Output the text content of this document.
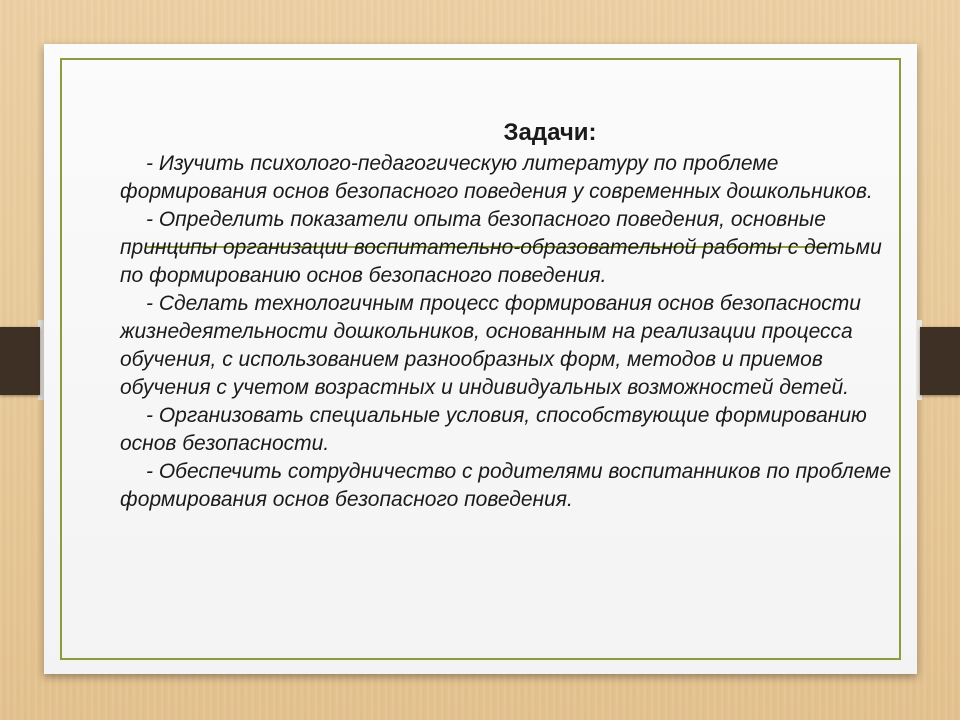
Задачи:

- Изучить психолого-педагогическую литературу по проблеме формирования основ безопасного поведения у современных дошкольников.

- Определить показатели опыта безопасного поведения, основные принципы организации воспитательно-образовательной работы с детьми по формированию основ безопасного поведения.

- Сделать технологичным процесс формирования основ безопасности жизнедеятельности дошкольников, основанным на реализации процесса обучения, с использованием разнообразных форм, методов и приемов обучения с учетом возрастных и индивидуальных возможностей детей.

- Организовать специальные условия, способствующие формированию основ безопасности.

- Обеспечить сотрудничество с родителями воспитанников по проблеме формирования основ безопасного поведения.
